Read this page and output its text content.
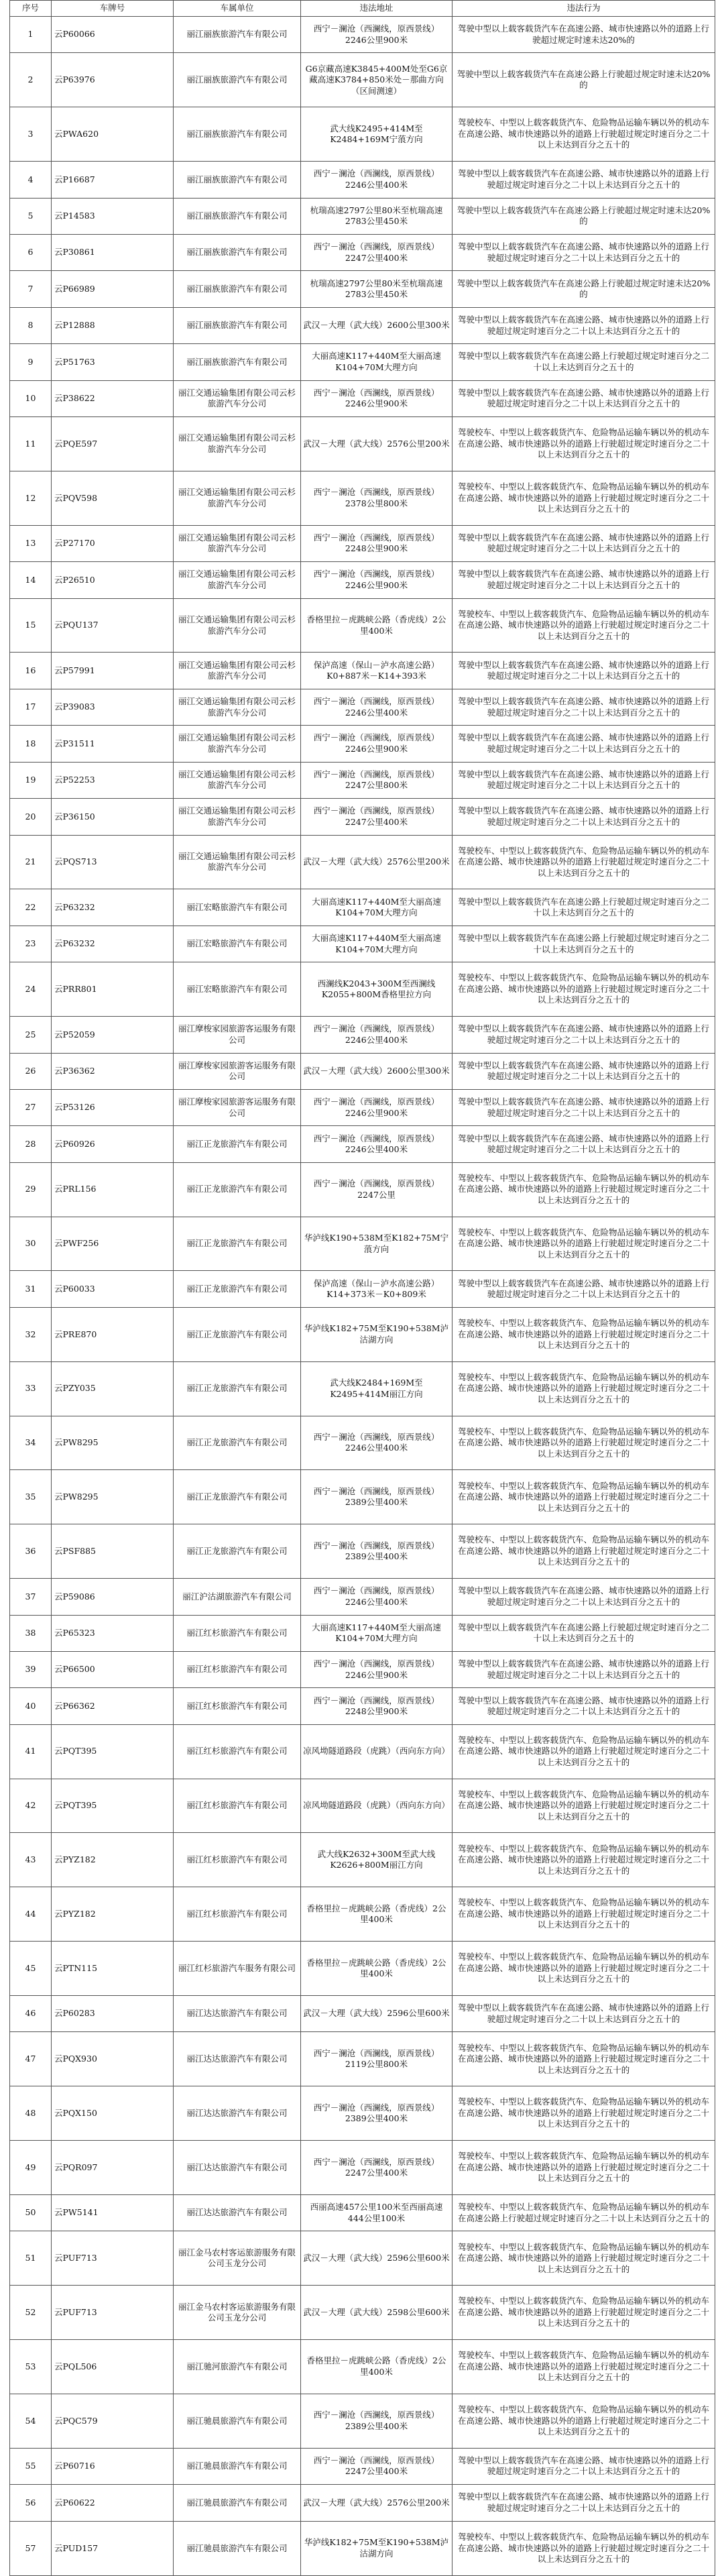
序号	车牌号	车属单位	违法地址	违法行为
1	云P60066	丽江丽族旅游汽车有限公司	西宁－澜沧（西澜线，原西景线）2246公里900米	驾驶中型以上载客载货汽车在高速公路、城市快速路以外的道路上行驶超过规定时速未达20%的
2	云P63976	丽江丽族旅游汽车有限公司	G6京藏高速K3845+400M处至G6京藏高速K3784+850米处－那曲方向（区间测速）	驾驶中型以上载客载货汽车在高速公路上行驶超过规定时速未达20%的
3	云PWA620	丽江丽族旅游汽车有限公司	武大线K2495+414M至K2484+169M宁蒗方向	驾驶校车、中型以上载客载货汽车、危险物品运输车辆以外的机动车在高速公路、城市快速路以外的道路上行驶超过规定时速百分之二十以上未达到百分之五十的
4	云P16687	丽江丽族旅游汽车有限公司	西宁－澜沧（西澜线，原西景线）2246公里400米	驾驶中型以上载客载货汽车在高速公路、城市快速路以外的道路上行驶超过规定时速百分之二十以上未达到百分之五十的
5	云P14583	丽江丽族旅游汽车有限公司	杭瑞高速2797公里80米至杭瑞高速2783公里450米	驾驶中型以上载客载货汽车在高速公路上行驶超过规定时速未达20%的
6	云P30861	丽江丽族旅游汽车有限公司	西宁－澜沧（西澜线，原西景线）2247公里400米	驾驶中型以上载客载货汽车在高速公路、城市快速路以外的道路上行驶超过规定时速百分之二十以上未达到百分之五十的
7	云P66989	丽江丽族旅游汽车有限公司	杭瑞高速2797公里80米至杭瑞高速2783公里450米	驾驶中型以上载客载货汽车在高速公路上行驶超过规定时速未达20%的
8	云P12888	丽江丽族旅游汽车有限公司	武汉－大理（武大线）2600公里300米	驾驶中型以上载客载货汽车在高速公路、城市快速路以外的道路上行驶超过规定时速百分之二十以上未达到百分之五十的
9	云P51763	丽江丽族旅游汽车有限公司	大丽高速K117+440M至大丽高速K104+70M大理方向	驾驶中型以上载客载货汽车在高速公路上行驶超过规定时速百分之二十以上未达到百分之五十的
10	云P38622	丽江交通运输集团有限公司云杉旅游汽车分公司	西宁－澜沧（西澜线，原西景线）2246公里900米	驾驶中型以上载客载货汽车在高速公路、城市快速路以外的道路上行驶超过规定时速百分之二十以上未达到百分之五十的
11	云PQE597	丽江交通运输集团有限公司云杉旅游汽车分公司	武汉－大理（武大线）2576公里200米	驾驶校车、中型以上载客载货汽车、危险物品运输车辆以外的机动车在高速公路、城市快速路以外的道路上行驶超过规定时速百分之二十以上未达到百分之五十的
12	云PQV598	丽江交通运输集团有限公司云杉旅游汽车分公司	西宁－澜沧（西澜线，原西景线）2378公里800米	驾驶校车、中型以上载客载货汽车、危险物品运输车辆以外的机动车在高速公路、城市快速路以外的道路上行驶超过规定时速百分之二十以上未达到百分之五十的
13	云P27170	丽江交通运输集团有限公司云杉旅游汽车分公司	西宁－澜沧（西澜线，原西景线）2248公里900米	驾驶中型以上载客载货汽车在高速公路、城市快速路以外的道路上行驶超过规定时速百分之二十以上未达到百分之五十的
14	云P26510	丽江交通运输集团有限公司云杉旅游汽车分公司	西宁－澜沧（西澜线，原西景线）2246公里900米	驾驶中型以上载客载货汽车在高速公路、城市快速路以外的道路上行驶超过规定时速百分之二十以上未达到百分之五十的
15	云PQU137	丽江交通运输集团有限公司云杉旅游汽车分公司	香格里拉－虎跳峡公路（香虎线）2公里400米	驾驶校车、中型以上载客载货汽车、危险物品运输车辆以外的机动车在高速公路、城市快速路以外的道路上行驶超过规定时速百分之二十以上未达到百分之五十的
16	云P57991	丽江交通运输集团有限公司云杉旅游汽车分公司	保泸高速（保山－泸水高速公路）K0+887米－K14+393米	驾驶中型以上载客载货汽车在高速公路、城市快速路以外的道路上行驶超过规定时速百分之二十以上未达到百分之五十的
17	云P39083	丽江交通运输集团有限公司云杉旅游汽车分公司	西宁－澜沧（西澜线，原西景线）2246公里400米	驾驶中型以上载客载货汽车在高速公路、城市快速路以外的道路上行驶超过规定时速百分之二十以上未达到百分之五十的
18	云P31511	丽江交通运输集团有限公司云杉旅游汽车分公司	西宁－澜沧（西澜线，原西景线）2246公里900米	驾驶中型以上载客载货汽车在高速公路、城市快速路以外的道路上行驶超过规定时速百分之二十以上未达到百分之五十的
19	云P52253	丽江交通运输集团有限公司云杉旅游汽车分公司	西宁－澜沧（西澜线，原西景线）2247公里800米	驾驶中型以上载客载货汽车在高速公路、城市快速路以外的道路上行驶超过规定时速百分之二十以上未达到百分之五十的
20	云P36150	丽江交通运输集团有限公司云杉旅游汽车分公司	西宁－澜沧（西澜线，原西景线）2247公里400米	驾驶中型以上载客载货汽车在高速公路、城市快速路以外的道路上行驶超过规定时速百分之二十以上未达到百分之五十的
21	云PQS713	丽江交通运输集团有限公司云杉旅游汽车分公司	武汉－大理（武大线）2576公里200米	驾驶校车、中型以上载客载货汽车、危险物品运输车辆以外的机动车在高速公路、城市快速路以外的道路上行驶超过规定时速百分之二十以上未达到百分之五十的
22	云P63232	丽江宏略旅游汽车有限公司	大丽高速K117+440M至大丽高速K104+70M大理方向	驾驶中型以上载客载货汽车在高速公路上行驶超过规定时速百分之二十以上未达到百分之五十的
23	云P63232	丽江宏略旅游汽车有限公司	大丽高速K117+440M至大丽高速K104+70M大理方向	驾驶中型以上载客载货汽车在高速公路上行驶超过规定时速百分之二十以上未达到百分之五十的
24	云PRR801	丽江宏略旅游汽车有限公司	西澜线K2043+300M至西澜线K2055+800M香格里拉方向	驾驶校车、中型以上载客载货汽车、危险物品运输车辆以外的机动车在高速公路、城市快速路以外的道路上行驶超过规定时速百分之二十以上未达到百分之五十的
25	云P52059	丽江摩梭家园旅游客运服务有限公司	西宁－澜沧（西澜线，原西景线）2246公里400米	驾驶中型以上载客载货汽车在高速公路、城市快速路以外的道路上行驶超过规定时速百分之二十以上未达到百分之五十的
26	云P36362	丽江摩梭家园旅游客运服务有限公司	武汉－大理（武大线）2600公里300米	驾驶中型以上载客载货汽车在高速公路、城市快速路以外的道路上行驶超过规定时速百分之二十以上未达到百分之五十的
27	云P53126	丽江摩梭家园旅游客运服务有限公司	西宁－澜沧（西澜线，原西景线）2246公里900米	驾驶中型以上载客载货汽车在高速公路、城市快速路以外的道路上行驶超过规定时速百分之二十以上未达到百分之五十的
28	云P60926	丽江正龙旅游汽车有限公司	西宁－澜沧（西澜线，原西景线）2246公里400米	驾驶中型以上载客载货汽车在高速公路、城市快速路以外的道路上行驶超过规定时速百分之二十以上未达到百分之五十的
29	云PRL156	丽江正龙旅游汽车有限公司	西宁－澜沧（西澜线，原西景线）2247公里	驾驶校车、中型以上载客载货汽车、危险物品运输车辆以外的机动车在高速公路、城市快速路以外的道路上行驶超过规定时速百分之二十以上未达到百分之五十的
30	云PWF256	丽江正龙旅游汽车有限公司	华泸线K190+538M至K182+75M宁蒗方向	驾驶校车、中型以上载客载货汽车、危险物品运输车辆以外的机动车在高速公路、城市快速路以外的道路上行驶超过规定时速百分之二十以上未达到百分之五十的
31	云P60033	丽江正龙旅游汽车有限公司	保泸高速（保山－泸水高速公路）K14+373米－K0+809米	驾驶中型以上载客载货汽车在高速公路、城市快速路以外的道路上行驶超过规定时速百分之二十以上未达到百分之五十的
32	云PRE870	丽江正龙旅游汽车有限公司	华泸线K182+75M至K190+538M泸沽湖方向	驾驶校车、中型以上载客载货汽车、危险物品运输车辆以外的机动车在高速公路、城市快速路以外的道路上行驶超过规定时速百分之二十以上未达到百分之五十的
33	云PZY035	丽江正龙旅游汽车有限公司	武大线K2484+169M至K2495+414M丽江方向	驾驶校车、中型以上载客载货汽车、危险物品运输车辆以外的机动车在高速公路、城市快速路以外的道路上行驶超过规定时速百分之二十以上未达到百分之五十的
34	云PW8295	丽江正龙旅游汽车有限公司	西宁－澜沧（西澜线，原西景线）2246公里400米	驾驶校车、中型以上载客载货汽车、危险物品运输车辆以外的机动车在高速公路、城市快速路以外的道路上行驶超过规定时速百分之二十以上未达到百分之五十的
35	云PW8295	丽江正龙旅游汽车有限公司	西宁－澜沧（西澜线，原西景线）2389公里400米	驾驶校车、中型以上载客载货汽车、危险物品运输车辆以外的机动车在高速公路、城市快速路以外的道路上行驶超过规定时速百分之二十以上未达到百分之五十的
36	云PSF885	丽江正龙旅游汽车有限公司	西宁－澜沧（西澜线，原西景线）2389公里400米	驾驶校车、中型以上载客载货汽车、危险物品运输车辆以外的机动车在高速公路、城市快速路以外的道路上行驶超过规定时速百分之二十以上未达到百分之五十的
37	云P59086	丽江沪沽湖旅游汽车有限公司	西宁－澜沧（西澜线，原西景线）2246公里400米	驾驶中型以上载客载货汽车在高速公路、城市快速路以外的道路上行驶超过规定时速百分之二十以上未达到百分之五十的
38	云P65323	丽江红杉旅游汽车有限公司	大丽高速K117+440M至大丽高速K104+70M大理方向	驾驶中型以上载客载货汽车在高速公路上行驶超过规定时速百分之二十以上未达到百分之五十的
39	云P66500	丽江红杉旅游汽车有限公司	西宁－澜沧（西澜线，原西景线）2246公里900米	驾驶中型以上载客载货汽车在高速公路、城市快速路以外的道路上行驶超过规定时速百分之二十以上未达到百分之五十的
40	云P66362	丽江红杉旅游汽车有限公司	西宁－澜沧（西澜线，原西景线）2248公里900米	驾驶中型以上载客载货汽车在高速公路、城市快速路以外的道路上行驶超过规定时速百分之二十以上未达到百分之五十的
41	云PQT395	丽江红杉旅游汽车有限公司	凉风坳隧道路段（虎跳）（西向东方向）	驾驶校车、中型以上载客载货汽车、危险物品运输车辆以外的机动车在高速公路、城市快速路以外的道路上行驶超过规定时速百分之二十以上未达到百分之五十的
42	云PQT395	丽江红杉旅游汽车有限公司	凉风坳隧道路段（虎跳）（西向东方向）	驾驶校车、中型以上载客载货汽车、危险物品运输车辆以外的机动车在高速公路、城市快速路以外的道路上行驶超过规定时速百分之二十以上未达到百分之五十的
43	云PYZ182	丽江红杉旅游汽车有限公司	武大线K2632+300M至武大线K2626+800M丽江方向	驾驶校车、中型以上载客载货汽车、危险物品运输车辆以外的机动车在高速公路、城市快速路以外的道路上行驶超过规定时速百分之二十以上未达到百分之五十的
44	云PYZ182	丽江红杉旅游汽车有限公司	香格里拉－虎跳峡公路（香虎线）2公里400米	驾驶校车、中型以上载客载货汽车、危险物品运输车辆以外的机动车在高速公路、城市快速路以外的道路上行驶超过规定时速百分之二十以上未达到百分之五十的
45	云PTN115	丽江红杉旅游汽车服务有限公司	香格里拉－虎跳峡公路（香虎线）2公里400米	驾驶校车、中型以上载客载货汽车、危险物品运输车辆以外的机动车在高速公路、城市快速路以外的道路上行驶超过规定时速百分之二十以上未达到百分之五十的
46	云P60283	丽江达达旅游汽车有限公司	武汉－大理（武大线）2596公里600米	驾驶中型以上载客载货汽车在高速公路、城市快速路以外的道路上行驶超过规定时速百分之二十以上未达到百分之五十的
47	云PQX930	丽江达达旅游汽车有限公司	西宁－澜沧（西澜线，原西景线）2119公里800米	驾驶校车、中型以上载客载货汽车、危险物品运输车辆以外的机动车在高速公路、城市快速路以外的道路上行驶超过规定时速百分之二十以上未达到百分之五十的
48	云PQX150	丽江达达旅游汽车有限公司	西宁－澜沧（西澜线，原西景线）2389公里400米	驾驶校车、中型以上载客载货汽车、危险物品运输车辆以外的机动车在高速公路、城市快速路以外的道路上行驶超过规定时速百分之二十以上未达到百分之五十的
49	云PQR097	丽江达达旅游汽车有限公司	西宁－澜沧（西澜线，原西景线）2247公里400米	驾驶校车、中型以上载客载货汽车、危险物品运输车辆以外的机动车在高速公路、城市快速路以外的道路上行驶超过规定时速百分之二十以上未达到百分之五十的
50	云PW5141	丽江达达旅游汽车有限公司	西丽高速457公里100米至西丽高速444公里100米	驾驶校车、中型以上载客载货汽车、危险物品运输车辆以外的机动车在高速公路上行驶超过规定时速百分之二十以上未达到百分之五十的
51	云PUF713	丽江金马农村客运旅游服务有限公司玉龙分公司	武汉－大理（武大线）2596公里600米	驾驶校车、中型以上载客载货汽车、危险物品运输车辆以外的机动车在高速公路、城市快速路以外的道路上行驶超过规定时速百分之二十以上未达到百分之五十的
52	云PUF713	丽江金马农村客运旅游服务有限公司玉龙分公司	武汉－大理（武大线）2598公里600米	驾驶校车、中型以上载客载货汽车、危险物品运输车辆以外的机动车在高速公路、城市快速路以外的道路上行驶超过规定时速百分之二十以上未达到百分之五十的
53	云PQL506	丽江驰河旅游汽车有限公司	香格里拉－虎跳峡公路（香虎线）2公里400米	驾驶校车、中型以上载客载货汽车、危险物品运输车辆以外的机动车在高速公路、城市快速路以外的道路上行驶超过规定时速百分之二十以上未达到百分之五十的
54	云PQC579	丽江驰晨旅游汽车有限公司	西宁－澜沧（西澜线，原西景线）2389公里400米	驾驶校车、中型以上载客载货汽车、危险物品运输车辆以外的机动车在高速公路、城市快速路以外的道路上行驶超过规定时速百分之二十以上未达到百分之五十的
55	云P60716	丽江驰晨旅游汽车有限公司	西宁－澜沧（西澜线，原西景线）2247公里400米	驾驶中型以上载客载货汽车在高速公路、城市快速路以外的道路上行驶超过规定时速百分之二十以上未达到百分之五十的
56	云P60622	丽江驰晨旅游汽车有限公司	武汉－大理（武大线）2576公里200米	驾驶中型以上载客载货汽车在高速公路、城市快速路以外的道路上行驶超过规定时速百分之二十以上未达到百分之五十的
57	云PUD157	丽江驰晨旅游汽车有限公司	华泸线K182+75M至K190+538M泸沽湖方向	驾驶校车、中型以上载客载货汽车、危险物品运输车辆以外的机动车在高速公路、城市快速路以外的道路上行驶超过规定时速百分之二十以上未达到百分之五十的
